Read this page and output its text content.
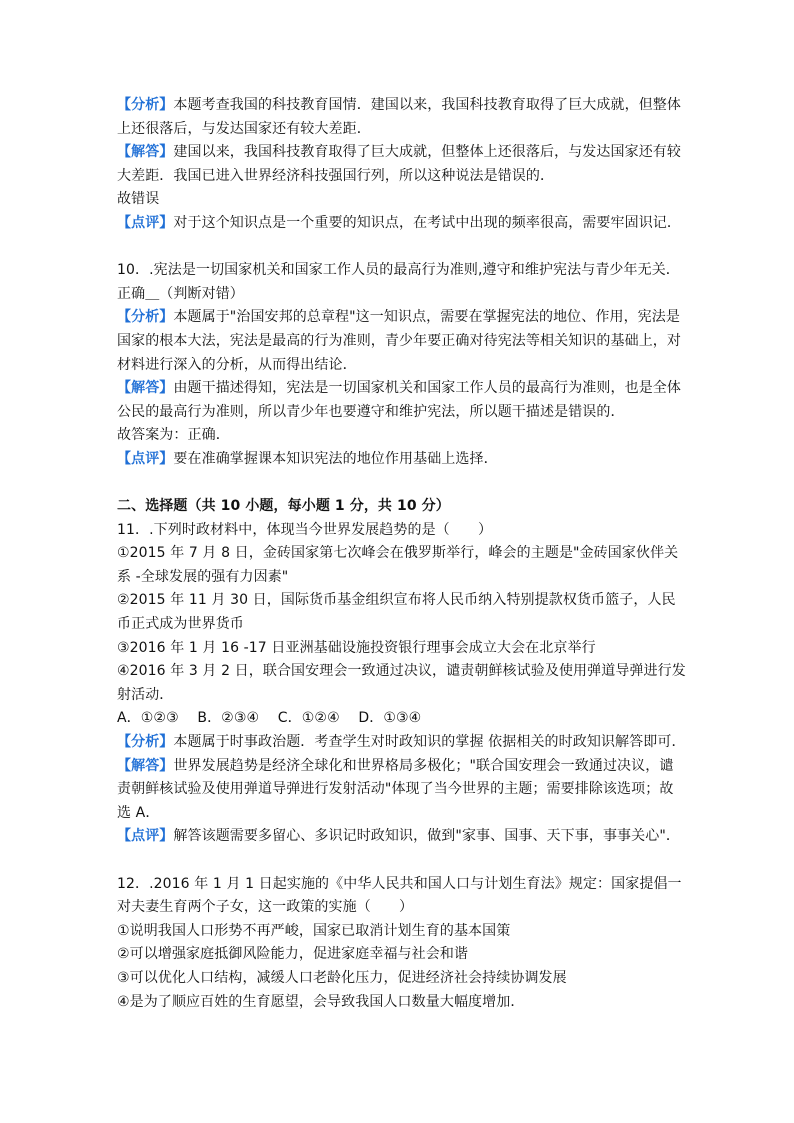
【分析】本题考查我国的科技教育国情．建国以来，我国科技教育取得了巨大成就，但整体
上还很落后，与发达国家还有较大差距．
【解答】建国以来，我国科技教育取得了巨大成就，但整体上还很落后，与发达国家还有较
大差距．我国已进入世界经济科技强国行列，所以这种说法是错误的．
故错误
【点评】对于这个知识点是一个重要的知识点，在考试中出现的频率很高，需要牢固识记．
10．.宪法是一切国家机关和国家工作人员的最高行为准则,遵守和维护宪法与青少年无关．
正确＿（判断对错）
【分析】本题属于"治国安邦的总章程"这一知识点，需要在掌握宪法的地位、作用，宪法是
国家的根本大法，宪法是最高的行为准则，青少年要正确对待宪法等相关知识的基础上，对
材料进行深入的分析，从而得出结论．
【解答】由题干描述得知，宪法是一切国家机关和国家工作人员的最高行为准则，也是全体
公民的最高行为准则，所以青少年也要遵守和维护宪法，所以题干描述是错误的．
故答案为：正确．
【点评】要在准确掌握课本知识宪法的地位作用基础上选择．
二、选择题（共 10 小题，每小题 1 分，共 10 分）
11．.下列时政材料中，体现当今世界发展趋势的是（　　）
①2015 年 7 月 8 日，金砖国家第七次峰会在俄罗斯举行，峰会的主题是"金砖国家伙伴关
系 -全球发展的强有力因素"
②2015 年 11 月 30 日，国际货币基金组织宣布将人民币纳入特别提款权货币篮子，人民
币正式成为世界货币
③2016 年 1 月 16 -17 日亚洲基础设施投资银行理事会成立大会在北京举行
④2016 年 3 月 2 日，联合国安理会一致通过决议，谴责朝鲜核试验及使用弹道导弹进行发
射活动．
A．①②③　 B．②③④　 C．①②④　 D．①③④
【分析】本题属于时事政治题．考查学生对时政知识的掌握 依据相关的时政知识解答即可．
【解答】世界发展趋势是经济全球化和世界格局多极化；"联合国安理会一致通过决议，谴
责朝鲜核试验及使用弹道导弹进行发射活动"体现了当今世界的主题；需要排除该选项；故
选 A．
【点评】解答该题需要多留心、多识记时政知识，做到"家事、国事、天下事，事事关心"．
12．.2016 年 1 月 1 日起实施的《中华人民共和国人口与计划生育法》规定：国家提倡一
对夫妻生育两个子女，这一政策的实施（　　）
①说明我国人口形势不再严峻，国家已取消计划生育的基本国策
②可以增强家庭抵御风险能力，促进家庭幸福与社会和谐
③可以优化人口结构，减缓人口老龄化压力，促进经济社会持续协调发展
④是为了顺应百姓的生育愿望，会导致我国人口数量大幅度增加．
